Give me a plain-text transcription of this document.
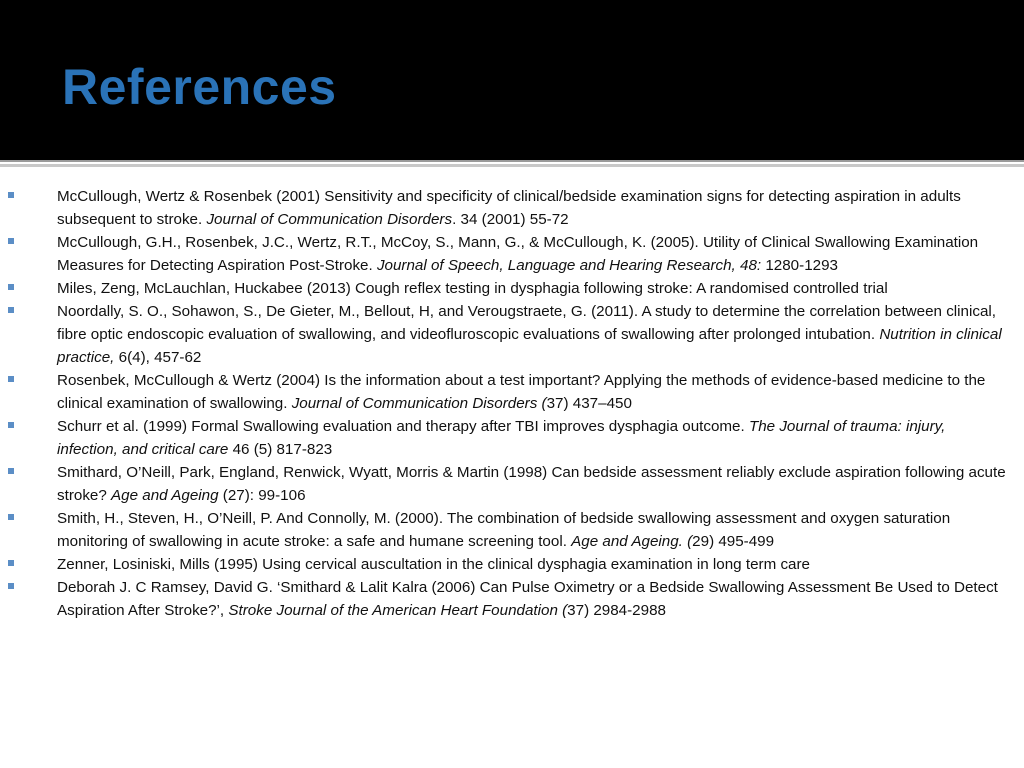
References
McCullough, Wertz & Rosenbek (2001) Sensitivity and specificity of clinical/bedside examination signs for detecting aspiration in adults subsequent to stroke. Journal of Communication Disorders. 34 (2001) 55-72
McCullough, G.H., Rosenbek, J.C., Wertz, R.T., McCoy, S., Mann, G., & McCullough, K. (2005). Utility of Clinical Swallowing Examination Measures for Detecting Aspiration Post-Stroke. Journal of Speech, Language and Hearing Research, 48: 1280-1293
Miles, Zeng, McLauchlan, Huckabee (2013) Cough reflex testing in dysphagia following stroke: A randomised controlled trial
Noordally, S. O., Sohawon, S., De Gieter, M., Bellout, H, and Verougstraete, G. (2011). A study to determine the correlation between clinical, fibre optic endoscopic evaluation of swallowing, and videofluroscopic evaluations of swallowing after prolonged intubation. Nutrition in clinical practice, 6(4), 457-62
Rosenbek, McCullough & Wertz (2004) Is the information about a test important? Applying the methods of evidence-based medicine to the clinical examination of swallowing. Journal of Communication Disorders (37) 437–450
Schurr et al. (1999) Formal Swallowing evaluation and therapy after TBI improves dysphagia outcome. The Journal of trauma: injury, infection, and critical care 46 (5) 817-823
Smithard, O’Neill, Park, England, Renwick, Wyatt, Morris & Martin (1998) Can bedside assessment reliably exclude aspiration following acute stroke? Age and Ageing (27): 99-106
Smith, H., Steven, H., O’Neill, P. And Connolly, M. (2000). The combination of bedside swallowing assessment and oxygen saturation monitoring of swallowing in acute stroke: a safe and humane screening tool. Age and Ageing. (29) 495-499
Zenner, Losiniski, Mills (1995) Using cervical auscultation in the clinical dysphagia examination in long term care
Deborah J. C Ramsey, David G. ‘Smithard & Lalit Kalra (2006) Can Pulse Oximetry or a Bedside Swallowing Assessment Be Used to Detect Aspiration After Stroke?’, Stroke Journal of the American Heart Foundation (37) 2984-2988
